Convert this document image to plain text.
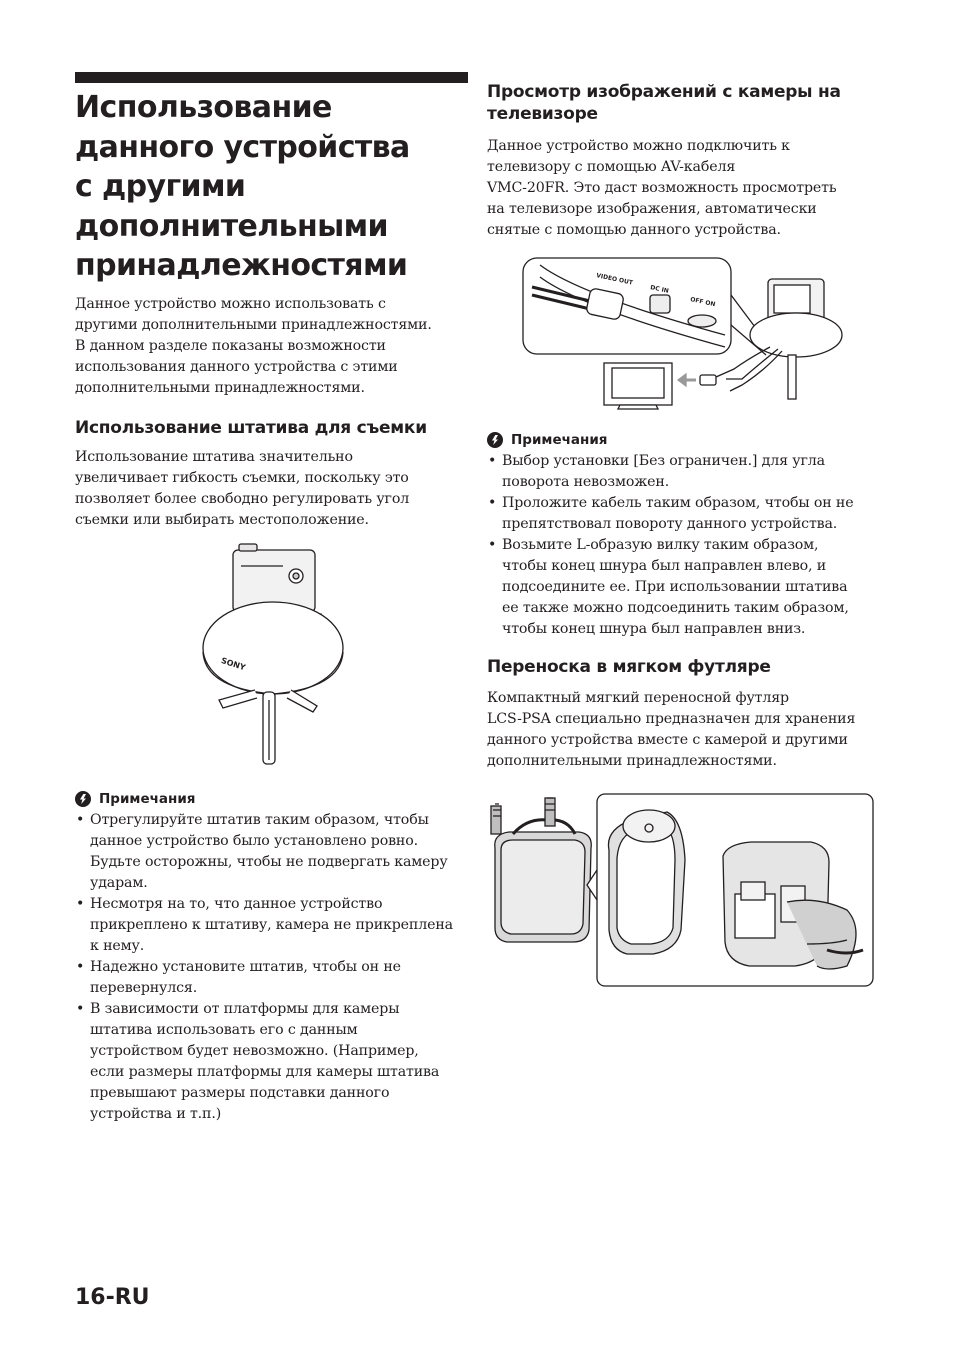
Использование
данного устройства
с другими
дополнительными
принадлежностями

Данное устройство можно использовать с
другими дополнительными принадлежностями.
В данном разделе показаны возможности
использования данного устройства с этими
дополнительными принадлежностями.

Использование штатива для съемки

Использование штатива значительно
увеличивает гибкость съемки, поскольку это
позволяет более свободно регулировать угол
съемки или выбирать местоположение.

SONY

Примечания

• Отрегулируйте штатив таким образом, чтобы
данное устройство было установлено ровно.
Будьте осторожны, чтобы не подвергать камеру
ударам.
• Несмотря на то, что данное устройство
прикреплено к штативу, камера не прикреплена
к нему.
• Надежно установите штатив, чтобы он не
перевернулся.
• В зависимости от платформы для камеры
штатива использовать его с данным
устройством будет невозможно. (Например,
если размеры платформы для камеры штатива
превышают размеры подставки данного
устройства и т.п.)
Просмотр изображений с камеры на
телевизоре

Данное устройство можно подключить к
телевизору с помощью AV-кабеля
VMC-20FR. Это даст возможность просмотреть
на телевизоре изображения, автоматически
снятые с помощью данного устройства.

VIDEO OUT
DC IN
OFF ON

Примечания

• Выбор установки [Без ограничен.] для угла
поворота невозможен.
• Проложите кабель таким образом, чтобы он не
препятствовал повороту данного устройства.
• Возьмите L-образую вилку таким образом,
чтобы конец шнура был направлен влево, и
подсоедините ее. При использовании штатива
ее также можно подсоединить таким образом,
чтобы конец шнура был направлен вниз.
Переноска в мягком футляре

Компактный мягкий переносной футляр
LCS-PSA специально предназначен для хранения
данного устройства вместе с камерой и другими
дополнительными принадлежностями.

16-RU
